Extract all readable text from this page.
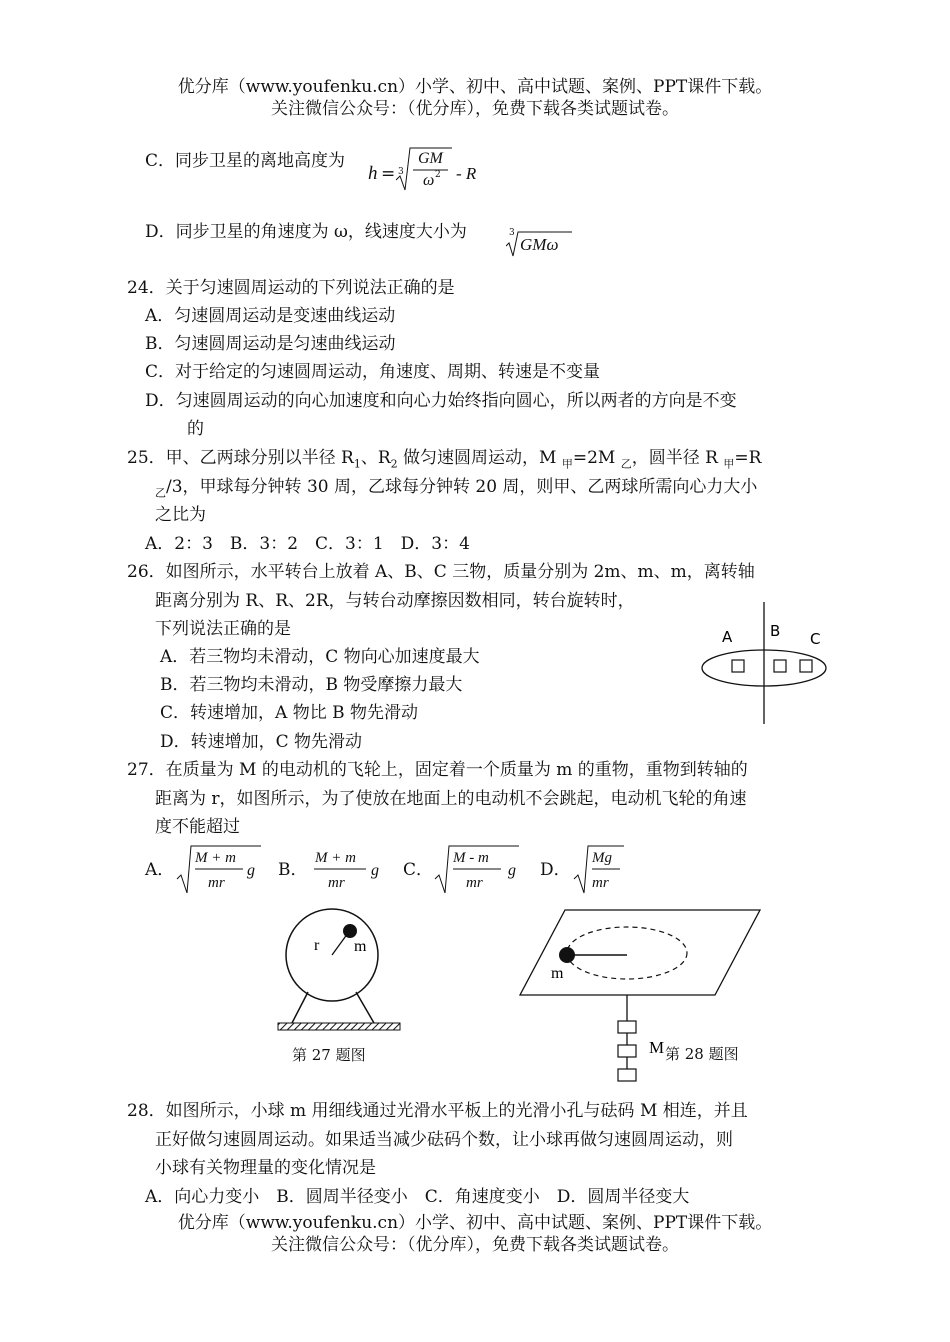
优分库（www.youfenku.cn）小学、初中、高中试题、案例、PPT课件下载。
关注微信公众号：（优分库），免费下载各类试题试卷。
C．同步卫星的离地高度为
h = 3
GM
ω 2 - R
D．同步卫星的角速度为 ω，线速度大小为	3
GMω
24．关于匀速圆周运动的下列说法正确的是
A．匀速圆周运动是变速曲线运动
B．匀速圆周运动是匀速曲线运动
C．对于给定的匀速圆周运动，角速度、周期、转速是不变量
D．匀速圆周运动的向心加速度和向心力始终指向圆心，所以两者的方向是不变
的
25．甲、乙两球分别以半径 $R_1$、$R_2$ 做匀速圆周运动，M $_甲$=2M $_乙$，圆半径 R $_甲$=R
$_乙$/3，甲球每分钟转 30 周，乙球每分钟转 20 周，则甲、乙两球所需向心力大小
之比为
A．2：3　B．3：2　C．3：1　D．3：4
26．如图所示，水平转台上放着 A、B、C 三物，质量分别为 2m、m、m，离转轴
距离分别为 R、R、2R，与转台动摩擦因数相同，转台旋转时，
下列说法正确的是
A．若三物均未滑动，C 物向心加速度最大
B．若三物均未滑动，B 物受摩擦力最大
C．转速增加，A 物比 B 物先滑动
D．转速增加，C 物先滑动
A	B C
27．在质量为 M 的电动机的飞轮上，固定着一个质量为 m 的重物，重物到转轴的
距离为 r，如图所示，为了使放在地面上的电动机不会跳起，电动机飞轮的角速
度不能超过
A．
M + m
mr
g B．
M + m
mr
g C．
M - m
mr
g D．
Mg
mr
r m
第 27 题图
m
M 第 28 题图
28．如图所示，小球 m 用细线通过光滑水平板上的光滑小孔与砝码 M 相连，并且
正好做匀速圆周运动。如果适当减少砝码个数，让小球再做匀速圆周运动，则
小球有关物理量的变化情况是
A．向心力变小　B．圆周半径变小　C．角速度变小　D．圆周半径变大
优分库（www.youfenku.cn）小学、初中、高中试题、案例、PPT课件下载。
关注微信公众号：（优分库），免费下载各类试题试卷。
